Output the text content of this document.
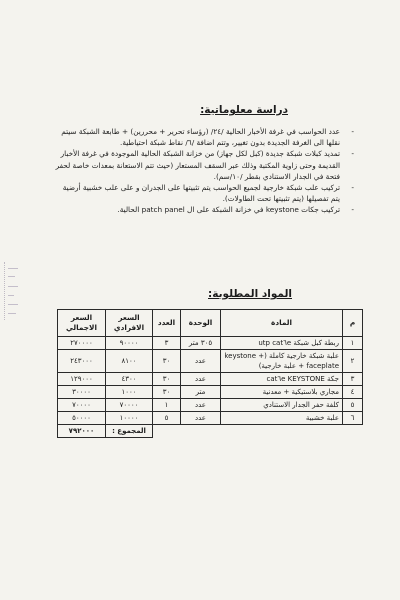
دراسة معلوماتية:
-
عدد الحواسب في غرفة الأخبار الحالية /٢٤/ (رؤساء تحرير + محررين) + طابعة الشبكة سيتم نقلها الى الغرفة الجديدة بدون تغيير، وتتم اضافة /٦/ نقاط شبكة احتياطية.
-
تمديد كبلات شبكة جديدة (كبل لكل جهاز) من خزانة الشبكة الحالية الموجودة في غرفة الأخبار القديمة وحتى زاوية المكتبة وذلك عبر السقف المستعار (حيث تتم الاستعانة بمعدات خاصة لحفر فتحة في الجدار الاستنادي بقطر /١٠/سم).
-
تركيب علب شبكة خارجية لجميع الحواسب يتم تثبيتها على الجدران و على علب خشبية أرضية يتم تفصيلها (يتم تثبيتها تحت الطاولات).
-
تركيب جكات keystone في خزانة الشبكة على ال patch panel الحالية.
المواد المطلوبة:
م	المادة	الوحدة	العدد	السعر الافرادي	السعر الاجمالي
١	ربطة كبل شبكة utp cat٦e	٣٠٥ متر	٣	٩٠٠٠٠	٢٧٠٠٠٠
٢	علبة شبكة خارجية كاملة (keystone + faceplate + علبة خارجية)	عدد	٣٠	٨١٠٠	٢٤٣٠٠٠
٣	جكة cat٦e KEYSTONE	عدد	٣٠	٤٣٠٠	١٢٩٠٠٠
٤	مجاري بلاستيكية + معدنية	متر	٣٠	١٠٠٠	٣٠٠٠٠
٥	كلفة حفر الجدار الاستنادي	عدد	١	٧٠٠٠٠	٧٠٠٠٠
٦	علبة خشبية	عدد	٥	١٠٠٠٠	٥٠٠٠٠
				المجموع :	٧٩٢٠٠٠
